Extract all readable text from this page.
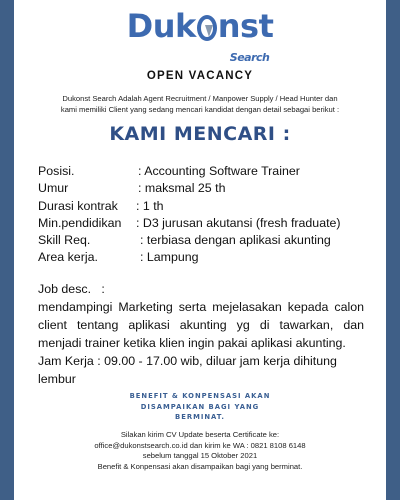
Duk nst
Search
OPEN VACANCY
Dukonst Search Adalah Agent Recruitment / Manpower Supply / Head Hunter dan
kami memiliki Client yang sedang mencari kandidat dengan detail sebagai berikut :
KAMI MENCARI :
Posisi.	: Accounting Software Trainer
Umur	: maksmal 25 th
Durasi kontrak : 1 th
Min.pendidikan : D3 jurusan akutansi (fresh fraduate)
Skill Req.	: terbiasa dengan aplikasi akunting
Area kerja.	: Lampung
Job desc.   :
mendampingi Marketing serta mejelasakan kepada calon client tentang aplikasi akunting yg di tawarkan, dan menjadi trainer ketika klien ingin pakai aplikasi akunting.
Jam Kerja : 09.00 - 17.00 wib, diluar jam kerja dihitung lembur
BENEFIT & KONPENSASI AKAN
DISAMPAIKAN BAGI YANG
BERMINAT.
Silakan kirim CV Update beserta Certificate ke:
office@dukonstsearch.co.id dan kirim ke WA : 0821 8108 6148
sebelum tanggal 15 Oktober 2021
Benefit & Konpensasi akan disampaikan bagi yang berminat.
